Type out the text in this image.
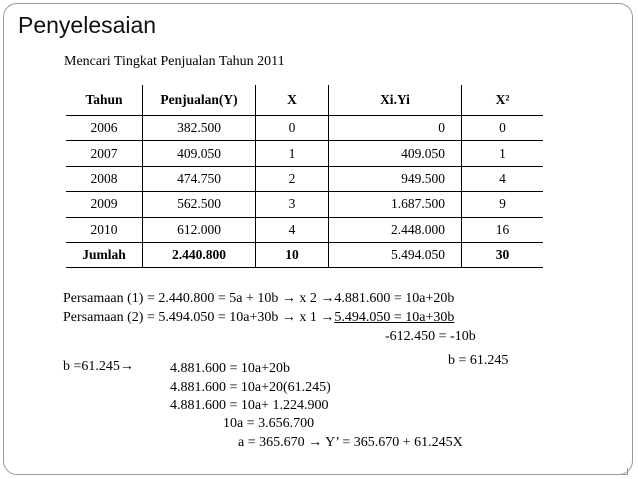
Penyelesaian
Mencari Tingkat Penjualan Tahun 2011
Tahun	Penjualan(Y)	X	Xi.Yi	X²
2006	382.500	0	0	0
2007	409.050	1	409.050	1
2008	474.750	2	949.500	4
2009	562.500	3	1.687.500	9
2010	612.000	4	2.448.000	16
Jumlah	2.440.800	10	5.494.050	30
Persamaan (1) = 2.440.800 = 5a + 10b → x 2 →4.881.600 = 10a+20b
Persamaan (2) = 5.494.050 = 10a+30b → x 1 →5.494.050 = 10a+30b
-612.450 = -10b
b = 61.245
b =61.245→	4.881.600 = 10a+20b
4.881.600 = 10a+20(61.245)
4.881.600 = 10a+ 1.224.900
10a = 3.656.700
a = 365.670 → Y’ = 365.670 + 61.245X
